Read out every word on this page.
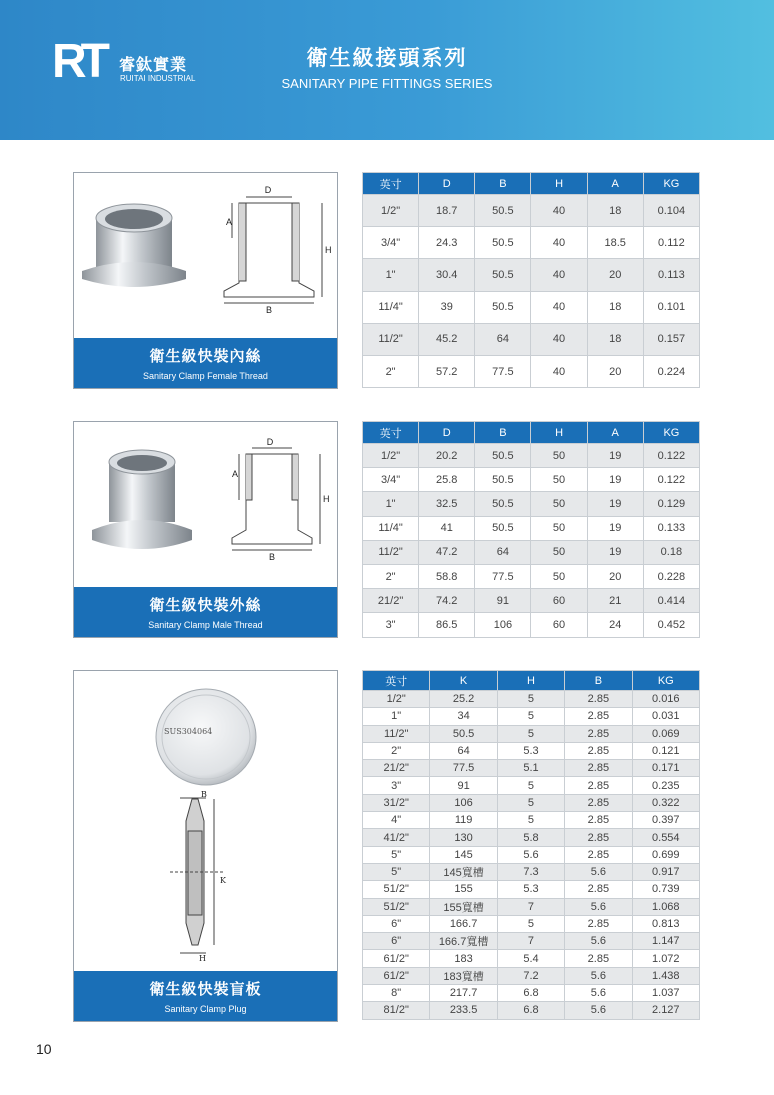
RT 睿鈦實業
RUITAI INDUSTRIAL
衛生級接頭系列
SANITARY PIPE FITTINGS SERIES
D
A
H
B
衛生級快裝內絲
Sanitary Clamp Female Thread
英寸	D	B	H	A	KG
1/2"	18.7	50.5	40	18	0.104
3/4"	24.3	50.5	40	18.5	0.112
1"	30.4	50.5	40	20	0.113
11/4"	39	50.5	40	18	0.101
11/2"	45.2	64	40	18	0.157
2"	57.2	77.5	40	20	0.224
D
A
H
B
衛生級快裝外絲
Sanitary Clamp Male Thread
英寸	D	B	H	A	KG
1/2"	20.2	50.5	50	19	0.122
3/4"	25.8	50.5	50	19	0.122
1"	32.5	50.5	50	19	0.129
11/4"	41	50.5	50	19	0.133
11/2"	47.2	64	50	19	0.18
2"	58.8	77.5	50	20	0.228
21/2"	74.2	91	60	21	0.414
3"	86.5	106	60	24	0.452
SUS304064
B
K
H
衛生級快裝盲板
Sanitary Clamp Plug
英寸	K	H	B	KG
1/2"	25.2	5	2.85	0.016
1"	34	5	2.85	0.031
11/2"	50.5	5	2.85	0.069
2"	64	5.3	2.85	0.121
21/2"	77.5	5.1	2.85	0.171
3"	91	5	2.85	0.235
31/2"	106	5	2.85	0.322
4"	119	5	2.85	0.397
41/2"	130	5.8	2.85	0.554
5"	145	5.6	2.85	0.699
5"	145寬槽	7.3	5.6	0.917
51/2"	155	5.3	2.85	0.739
51/2"	155寬槽	7	5.6	1.068
6"	166.7	5	2.85	0.813
6"	166.7寬槽	7	5.6	1.147
61/2"	183	5.4	2.85	1.072
61/2"	183寬槽	7.2	5.6	1.438
8"	217.7	6.8	5.6	1.037
81/2"	233.5	6.8	5.6	2.127
10
